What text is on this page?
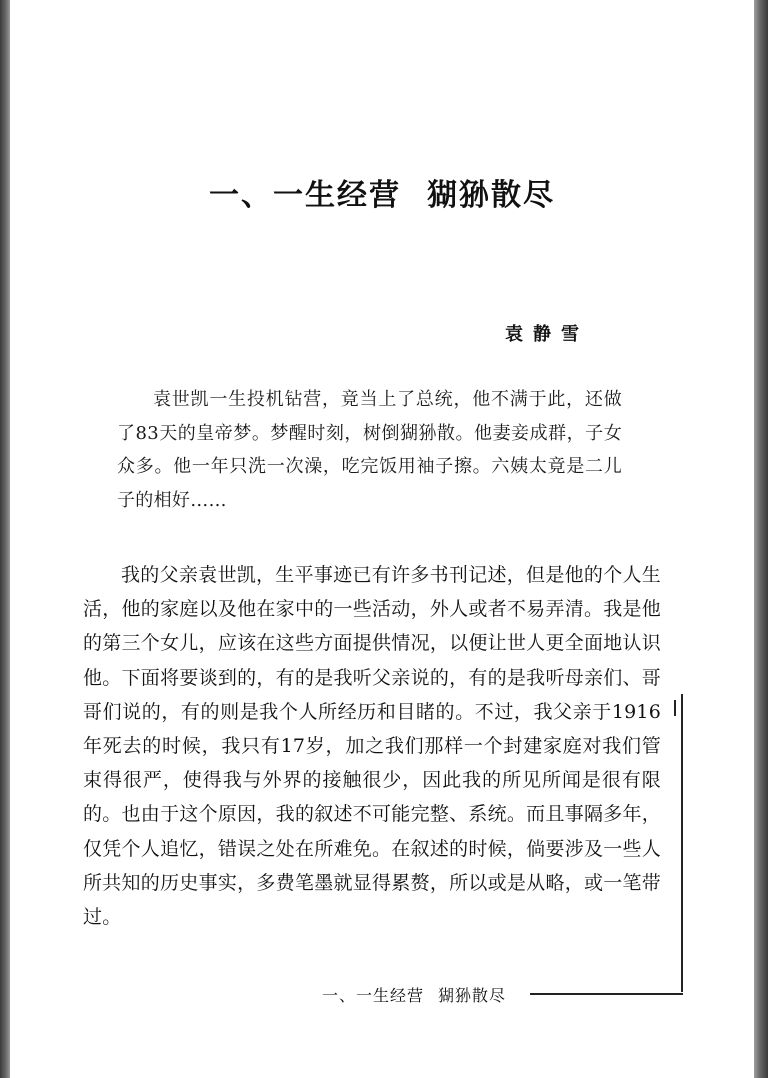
一、一生经营 猢狲散尽

袁静雪

袁世凯一生投机钻营，竟当上了总统，他不满于此，还做了83天的皇帝梦。梦醒时刻，树倒猢狲散。他妻妾成群，子女众多。他一年只洗一次澡，吃完饭用袖子擦。六姨太竟是二儿子的相好……

我的父亲袁世凯，生平事迹已有许多书刊记述，但是他的个人生活，他的家庭以及他在家中的一些活动，外人或者不易弄清。我是他的第三个女儿，应该在这些方面提供情况，以便让世人更全面地认识他。下面将要谈到的，有的是我听父亲说的，有的是我听母亲们、哥哥们说的，有的则是我个人所经历和目睹的。不过，我父亲于1916年死去的时候，我只有17岁，加之我们那样一个封建家庭对我们管束得很严，使得我与外界的接触很少，因此我的所见所闻是很有限的。也由于这个原因，我的叙述不可能完整、系统。而且事隔多年，仅凭个人追忆，错误之处在所难免。在叙述的时候，倘要涉及一些人所共知的历史事实，多费笔墨就显得累赘，所以或是从略，或一笔带过。

一、一生经营 猢狲散尽
